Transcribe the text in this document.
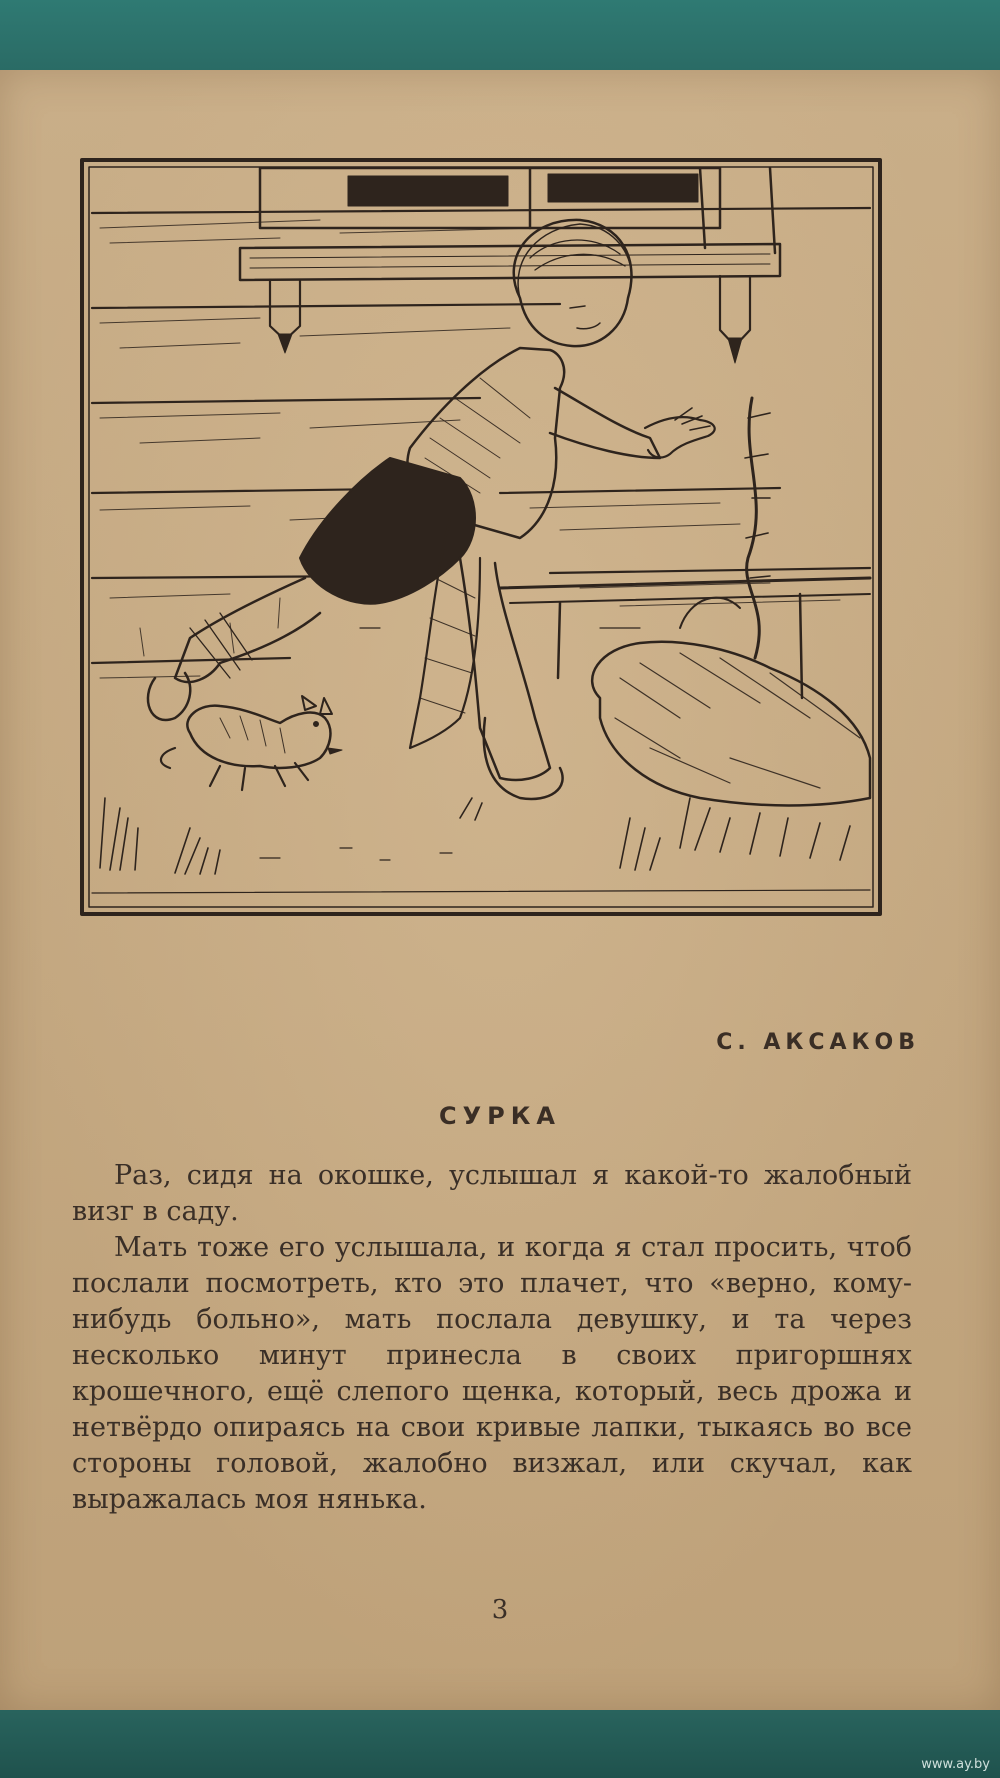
С. АКСАКОВ
СУРКА

Раз, сидя на окошке, услышал я какой-то жалобный визг в саду.

Мать тоже его услышала, и когда я стал просить, чтоб послали посмотреть, кто это плачет, что «верно, кому-нибудь больно», мать послала девушку, и та через несколько минут принесла в своих пригоршнях крошечного, ещё слепого щенка, который, весь дрожа и нетвёрдо опираясь на свои кривые лапки, тыкаясь во все стороны головой, жалобно визжал, или скучал, как выражалась моя нянька.

3
www.ay.by
